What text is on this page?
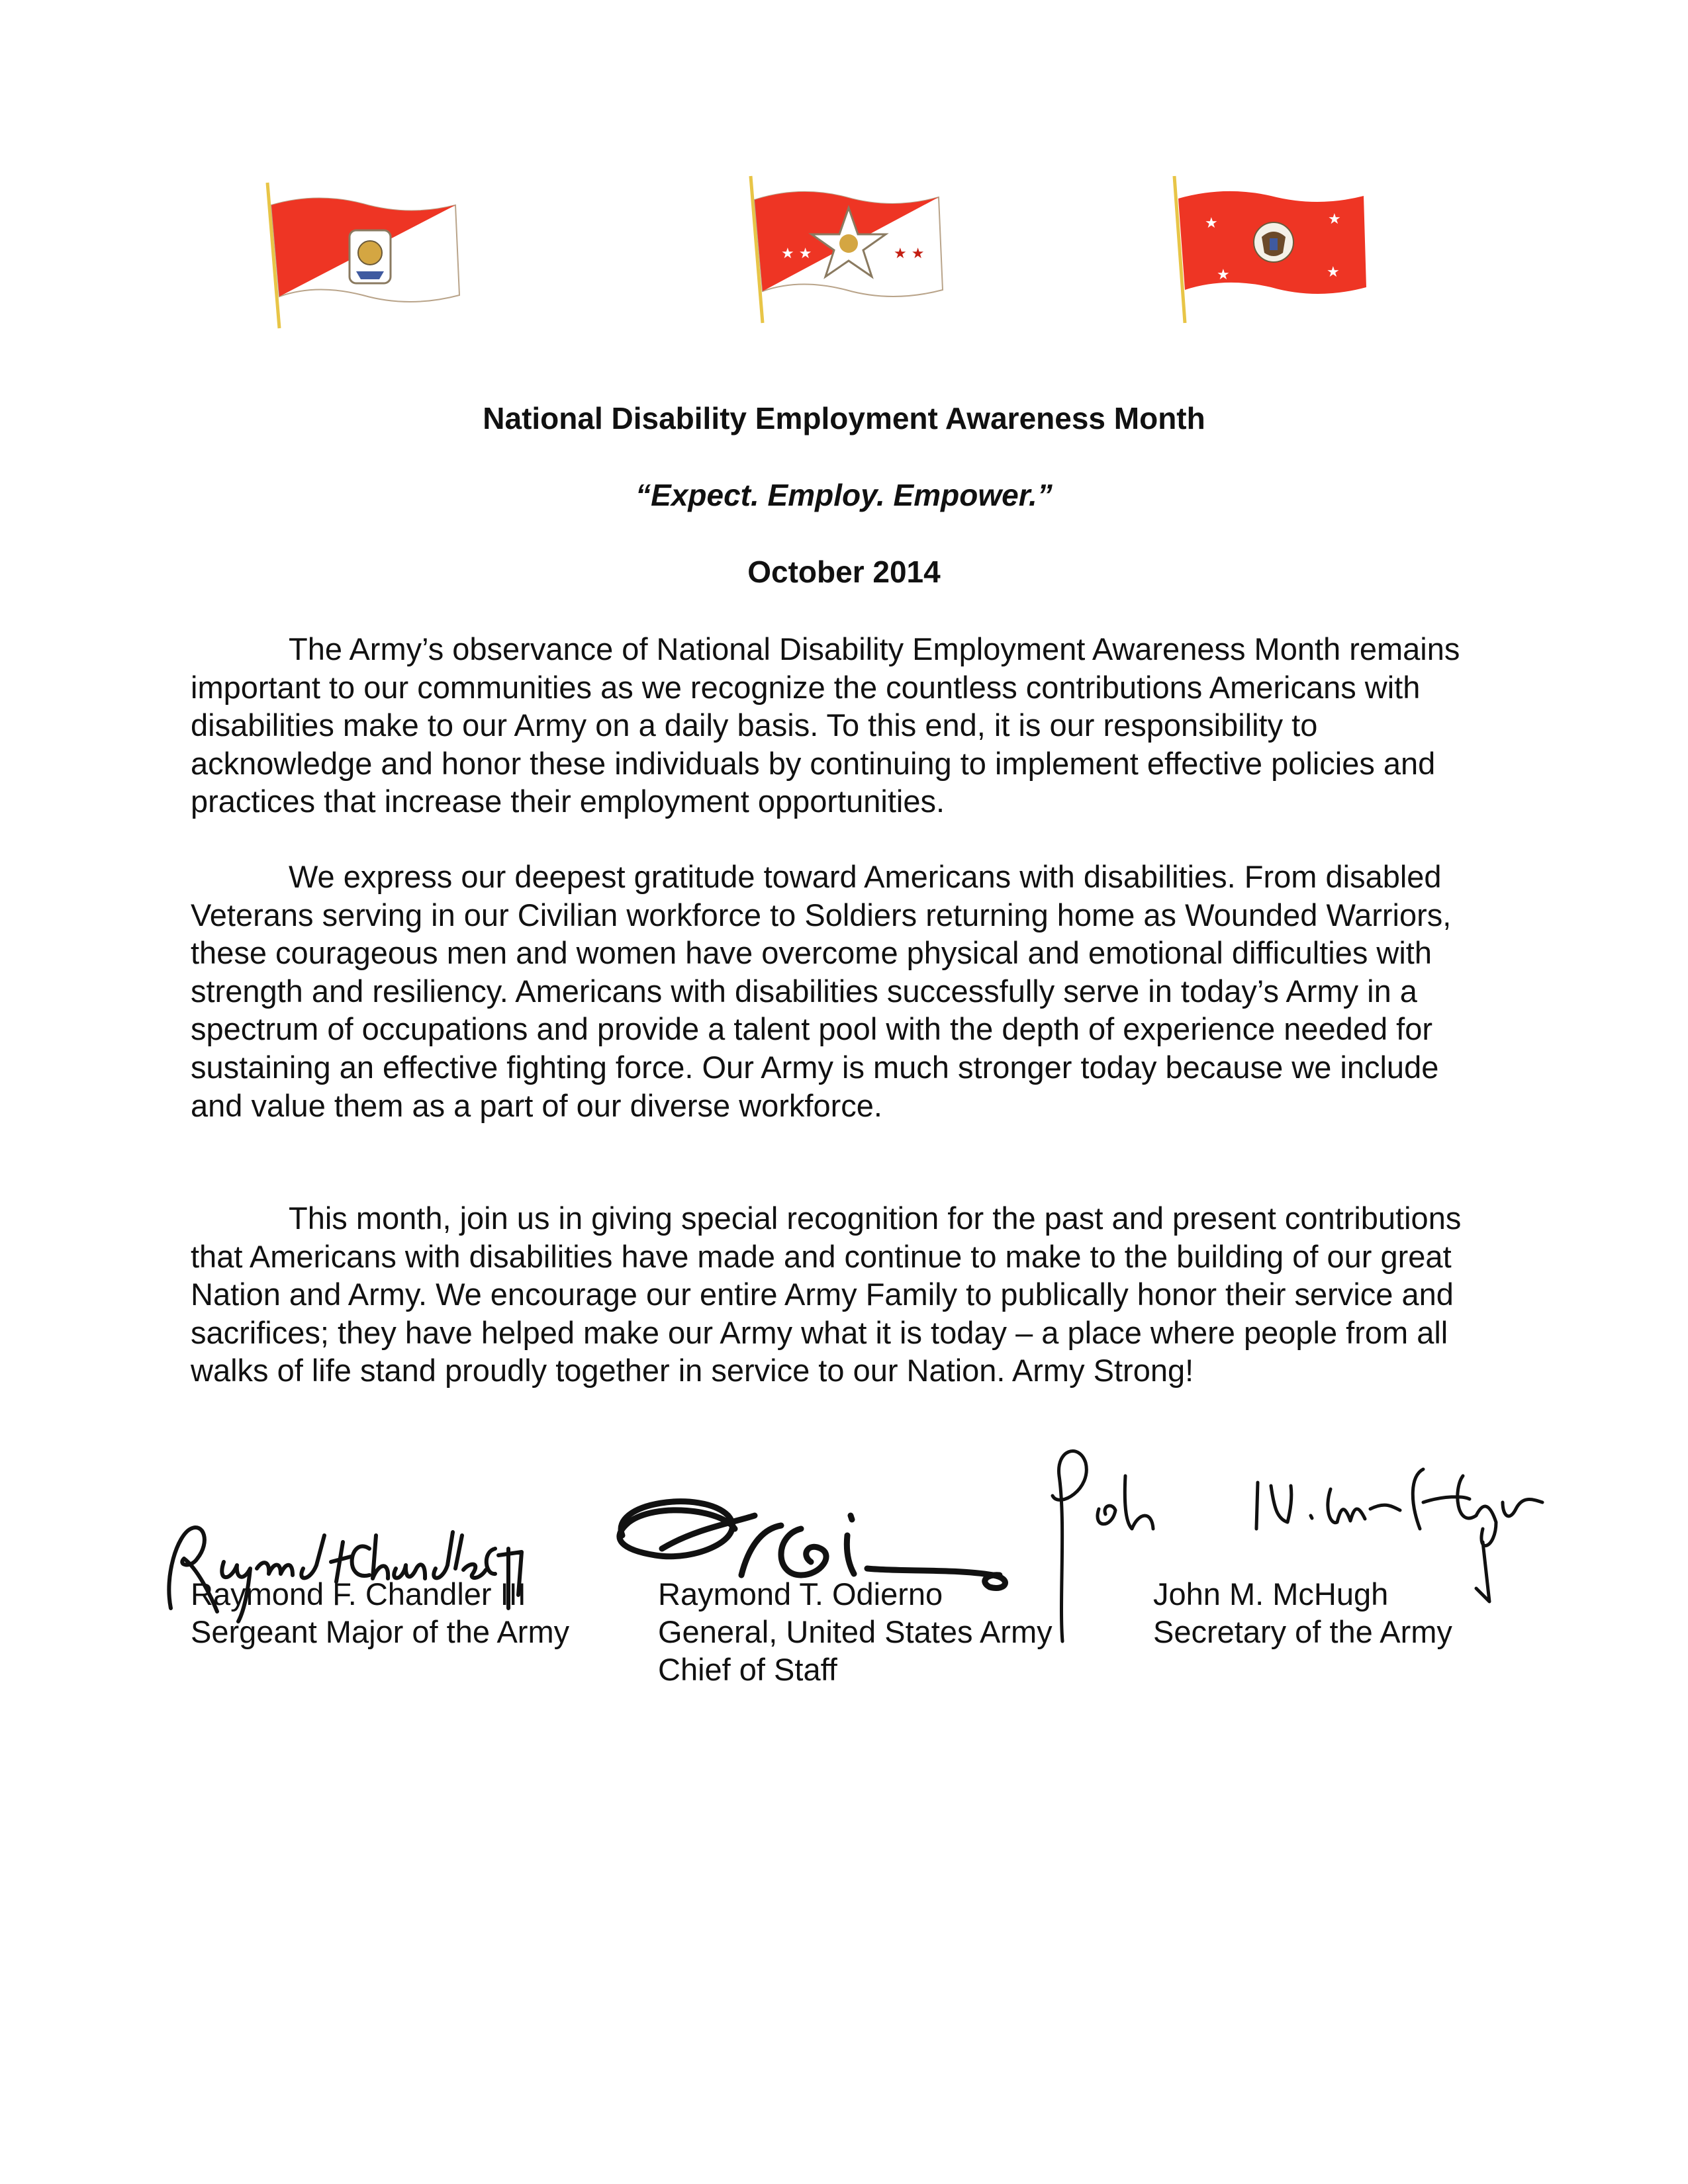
★ ★	★ ★
★	★
★	★
National Disability Employment Awareness Month
“Expect. Employ. Empower.”
October 2014

The Army’s observance of National Disability Employment Awareness Month remains important to our communities as we recognize the countless contributions Americans with disabilities make to our Army on a daily basis. To this end, it is our responsibility to acknowledge and honor these individuals by continuing to implement effective policies and practices that increase their employment opportunities.

We express our deepest gratitude toward Americans with disabilities. From disabled Veterans serving in our Civilian workforce to Soldiers returning home as Wounded Warriors, these courageous men and women have overcome physical and emotional difficulties with strength and resiliency. Americans with disabilities successfully serve in today’s Army in a spectrum of occupations and provide a talent pool with the depth of experience needed for sustaining an effective fighting force. Our Army is much stronger today because we include and value them as a part of our diverse workforce.

This month, join us in giving special recognition for the past and present contributions that Americans with disabilities have made and continue to make to the building of our great Nation and Army. We encourage our entire Army Family to publically honor their service and sacrifices; they have helped make our Army what it is today – a place where people from all walks of life stand proudly together in service to our Nation. Army Strong!

Raymond F. Chandler III
Sergeant Major of the Army
Raymond T. Odierno
General, United States Army
Chief of Staff
John M. McHugh
Secretary of the Army
